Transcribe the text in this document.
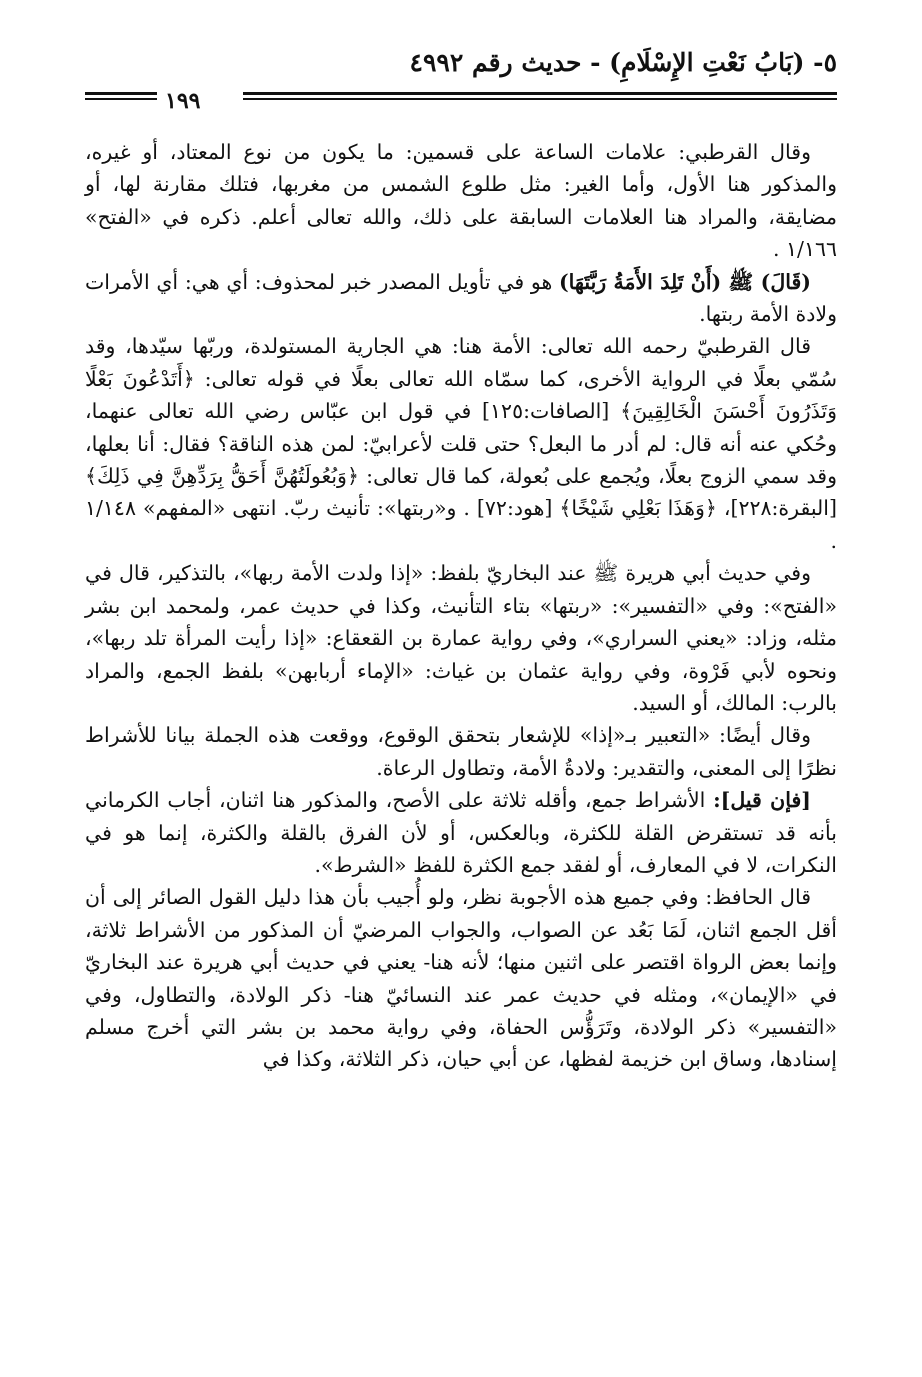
٥- (بَابُ نَعْتِ الإِسْلَامِ) - حديث رقم ٤٩٩٢
١٩٩

وقال القرطبي: علامات الساعة على قسمين: ما يكون من نوع المعتاد، أو غيره، والمذكور هنا الأول، وأما الغير: مثل طلوع الشمس من مغربها، فتلك مقارنة لها، أو مضايقة، والمراد هنا العلامات السابقة على ذلك، والله تعالى أعلم. ذكره في «الفتح» ١/١٦٦ .

(قَالَ) ﷺ (أَنْ تَلِدَ الأَمَةُ رَبَّتَهَا) هو في تأويل المصدر خبر لمحذوف: أي هي: أي الأمرات ولادة الأمة ربتها.

قال القرطبيّ رحمه الله تعالى: الأمة هنا: هي الجارية المستولدة، وربّها سيّدها، وقد سُمّي بعلًا في الرواية الأخرى، كما سمّاه الله تعالى بعلًا في قوله تعالى: ﴿أَتَدْعُونَ بَعْلًا وَتَذَرُونَ أَحْسَنَ الْخَالِقِينَ﴾ [الصافات:١٢٥] في قول ابن عبّاس رضي الله تعالى عنهما، وحُكي عنه أنه قال: لم أدر ما البعل؟ حتى قلت لأعرابيّ: لمن هذه الناقة؟ فقال: أنا بعلها، وقد سمي الزوج بعلًا، ويُجمع على بُعولة، كما قال تعالى: ﴿وَبُعُولَتُهُنَّ أَحَقُّ بِرَدِّهِنَّ فِي ذَلِكَ﴾ [البقرة:٢٢٨]، ﴿وَهَذَا بَعْلِي شَيْخًا﴾ [هود:٧٢] . و«ربتها»: تأنيث ربّ. انتهى «المفهم» ١/١٤٨ .

وفي حديث أبي هريرة ﷺ عند البخاريّ بلفظ: «إذا ولدت الأمة ربها»، بالتذكير، قال في «الفتح»: وفي «التفسير»: «ربتها» بتاء التأنيث، وكذا في حديث عمر، ولمحمد ابن بشر مثله، وزاد: «يعني السراري»، وفي رواية عمارة بن القعقاع: «إذا رأيت المرأة تلد ربها»، ونحوه لأبي فَرْوة، وفي رواية عثمان بن غياث: «الإماء أربابهن» بلفظ الجمع، والمراد بالرب: المالك، أو السيد.

وقال أيضًا: «التعبير بـ«إذا» للإشعار بتحقق الوقوع، ووقعت هذه الجملة بيانا للأشراط نظرًا إلى المعنى، والتقدير: ولادةُ الأمة، وتطاول الرعاة.

[فإن قيل]: الأشراط جمع، وأقله ثلاثة على الأصح، والمذكور هنا اثنان، أجاب الكرماني بأنه قد تستقرض القلة للكثرة، وبالعكس، أو لأن الفرق بالقلة والكثرة، إنما هو في النكرات، لا في المعارف، أو لفقد جمع الكثرة للفظ «الشرط».

قال الحافظ: وفي جميع هذه الأجوبة نظر، ولو أُجيب بأن هذا دليل القول الصائر إلى أن أقل الجمع اثنان، لَمَا بَعُد عن الصواب، والجواب المرضيّ أن المذكور من الأشراط ثلاثة، وإنما بعض الرواة اقتصر على اثنين منها؛ لأنه هنا- يعني في حديث أبي هريرة عند البخاريّ في «الإيمان»، ومثله في حديث عمر عند النسائيّ هنا- ذكر الولادة، والتطاول، وفي «التفسير» ذكر الولادة، وتَرَؤُّس الحفاة، وفي رواية محمد بن بشر التي أخرج مسلم إسنادها، وساق ابن خزيمة لفظها، عن أبي حيان، ذكر الثلاثة، وكذا في
